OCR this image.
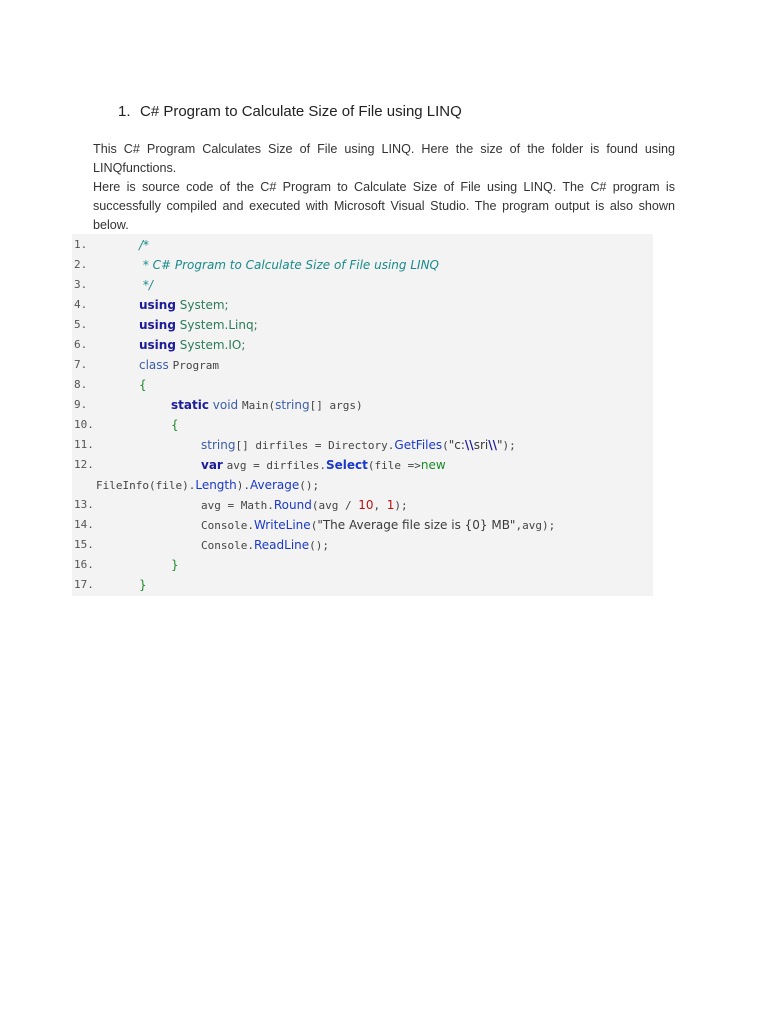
1. C# Program to Calculate Size of File using LINQ
This C# Program Calculates Size of File using LINQ. Here the size of the folder is found using LINQfunctions.
Here is source code of the C# Program to Calculate Size of File using LINQ. The C# program is successfully compiled and executed with Microsoft Visual Studio. The program output is also shown below.
1.	/*
2.	* C# Program to Calculate Size of File using LINQ
3.	*/
4.	using System;
5.	using System.Linq;
6.	using System.IO;
7.	class Program
8.	{
9.	static void Main(string[] args)
10.	{
11.	string[] dirfiles = Directory.GetFiles("c:\\sri\\");
12.	var avg = dirfiles.Select(file =>new
FileInfo(file).Length).Average();
13.	avg = Math.Round(avg / 10, 1);
14.	Console.WriteLine("The Average file size is {0} MB",avg);
15.	Console.ReadLine();
16.	}
17.	}
